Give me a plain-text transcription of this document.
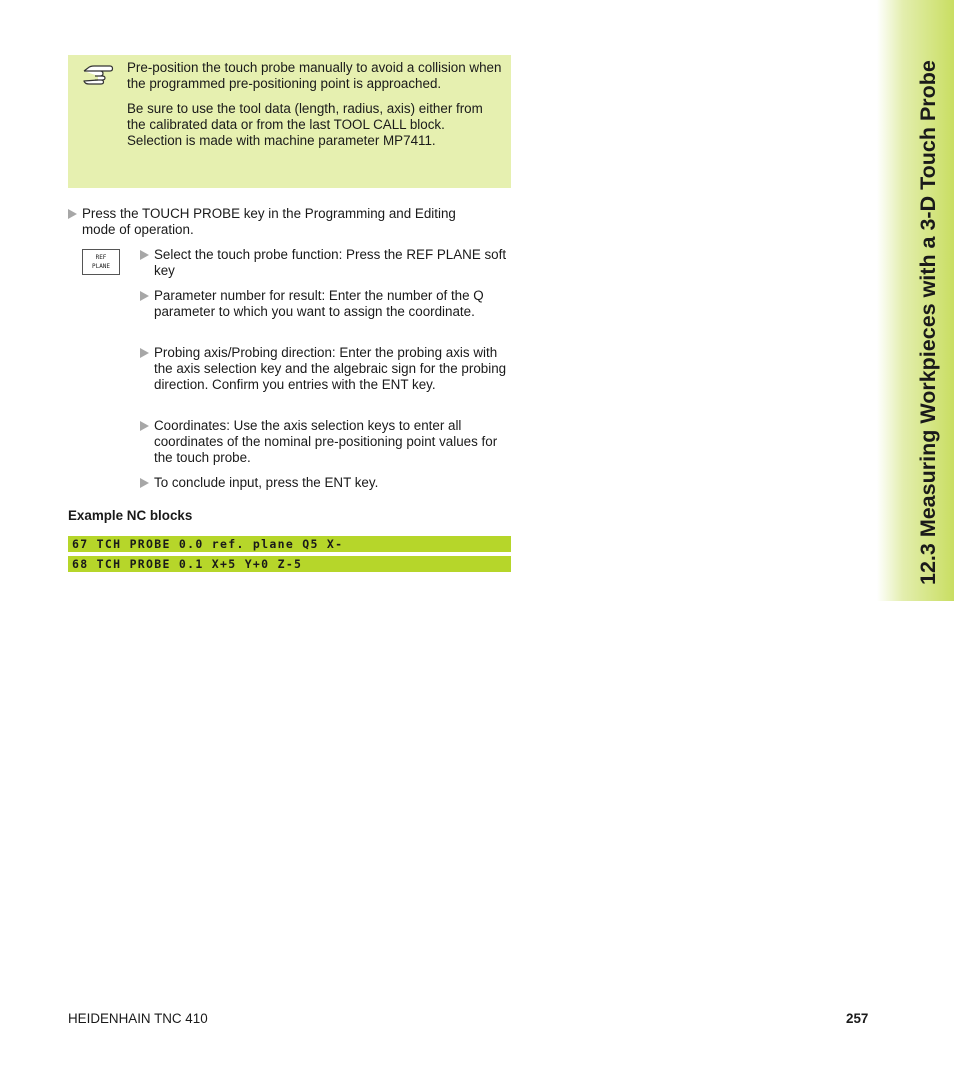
Pre-position the touch probe manually to avoid a collision when the programmed pre-positioning point is approached.

Be sure to use the tool data (length, radius, axis) either from the calibrated data or from the last TOOL CALL block. Selection is made with machine parameter MP7411.

Press the TOUCH PROBE key in the Programming and Editing mode of operation.
REF
PLANE
Select the touch probe function: Press the REF PLANE soft key
Parameter number for result: Enter the number of the Q parameter to which you want to assign the coordinate.
Probing axis/Probing direction: Enter the probing axis with the axis selection key and the algebraic sign for the probing direction. Confirm you entries with the ENT key.
Coordinates: Use the axis selection keys to enter all coordinates of the nominal pre-positioning point values for the touch probe.
To conclude input, press the ENT key.
Example NC blocks
67 TCH PROBE 0.0 ref. plane Q5 X-
68 TCH PROBE 0.1 X+5 Y+0 Z-5	12.3 Measuring Workpieces with a 3-D Touch Probe
HEIDENHAIN TNC 410	257
